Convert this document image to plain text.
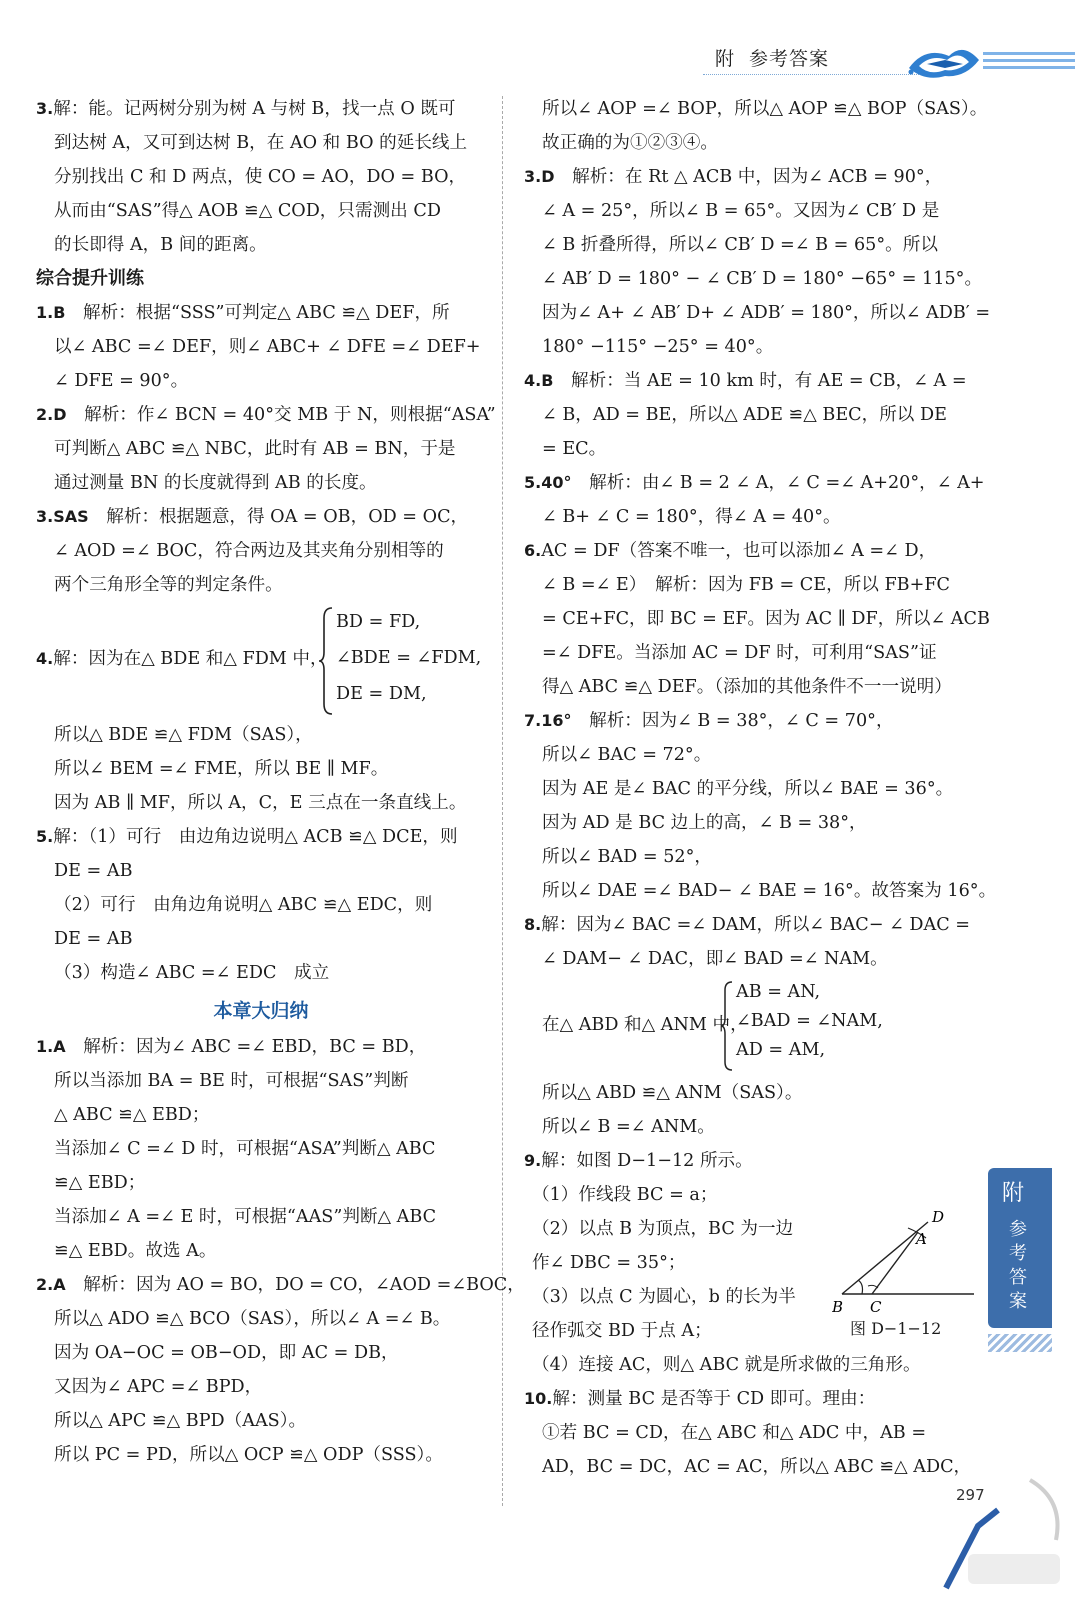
附 参考答案
3.解：能。记两树分别为树 A 与树 B，找一点 O 既可
到达树 A，又可到达树 B，在 AO 和 BO 的延长线上
分别找出 C 和 D 两点，使 CO = AO，DO = BO，
从而由“SAS”得△ AOB ≌△ COD，只需测出 CD
的长即得 A，B 间的距离。
综合提升训练
1.B　 解析：根据“SSS”可判定△ ABC ≌△ DEF，所
以∠ ABC =∠ DEF，则∠ ABC+ ∠ DFE =∠ DEF+
∠ DFE = 90°。
2.D　 解析：作∠ BCN = 40°交 MB 于 N，则根据“ASA”
可判断△ ABC ≌△ NBC，此时有 AB = BN，于是
通过测量 BN 的长度就得到 AB 的长度。
3.SAS　 解析：根据题意，得 OA = OB，OD = OC，
∠ AOD =∠ BOC，符合两边及其夹角分别相等的
两个三角形全等的判定条件。
4.解：因为在△ BDE 和△ FDM 中，
BD = FD,
∠BDE = ∠FDM,
DE = DM,
所以△ BDE ≌△ FDM（SAS），
所以∠ BEM =∠ FME，所以 BE ∥ MF。
因为 AB ∥ MF，所以 A，C，E 三点在一条直线上。
5.解：（1）可行　由边角边说明△ ACB ≌△ DCE，则
DE = AB
（2）可行　由角边角说明△ ABC ≌△ EDC，则
DE = AB
（3）构造∠ ABC =∠ EDC　成立
本章大归纳
1.A　 解析：因为∠ ABC =∠ EBD，BC = BD，
所以当添加 BA = BE 时，可根据“SAS”判断
△ ABC ≌△ EBD；
当添加∠ C =∠ D 时，可根据“ASA”判断△ ABC
≌△ EBD；
当添加∠ A =∠ E 时，可根据“AAS”判断△ ABC
≌△ EBD。故选 A。
2.A　 解析：因为 AO = BO，DO = CO，∠AOD =∠BOC，
所以△ ADO ≌△ BCO（SAS），所以∠ A =∠ B。
因为 OA−OC = OB−OD，即 AC = DB，
又因为∠ APC =∠ BPD，
所以△ APC ≌△ BPD（AAS）。
所以 PC = PD，所以△ OCP ≌△ ODP（SSS）。
所以∠ AOP =∠ BOP，所以△ AOP ≌△ BOP（SAS）。
故正确的为①②③④。
3.D　 解析：在 Rt △ ACB 中，因为∠ ACB = 90°，
∠ A = 25°，所以∠ B = 65°。又因为∠ CB′ D 是
∠ B 折叠所得，所以∠ CB′ D =∠ B = 65°。所以
∠ AB′ D = 180° − ∠ CB′ D = 180° −65° = 115°。
因为∠ A+ ∠ AB′ D+ ∠ ADB′ = 180°，所以∠ ADB′ =
180° −115° −25° = 40°。
4.B　 解析：当 AE = 10 km 时，有 AE = CB，∠ A =
∠ B，AD = BE，所以△ ADE ≌△ BEC，所以 DE
= EC。
5.40°　 解析：由∠ B = 2 ∠ A，∠ C =∠ A+20°，∠ A+
∠ B+ ∠ C = 180°，得∠ A = 40°。
6.AC = DF（答案不唯一，也可以添加∠ A =∠ D，
∠ B =∠ E）　解析：因为 FB = CE，所以 FB+FC
= CE+FC，即 BC = EF。因为 AC ∥ DF，所以∠ ACB
=∠ DFE。当添加 AC = DF 时，可利用“SAS”证
得△ ABC ≌△ DEF。（添加的其他条件不一一说明）
7.16°　 解析：因为∠ B = 38°，∠ C = 70°，
所以∠ BAC = 72°。
因为 AE 是∠ BAC 的平分线，所以∠ BAE = 36°。
因为 AD 是 BC 边上的高，∠ B = 38°，
所以∠ BAD = 52°，
所以∠ DAE =∠ BAD− ∠ BAE = 16°。故答案为 16°。
8.解：因为∠ BAC =∠ DAM，所以∠ BAC− ∠ DAC =
∠ DAM− ∠ DAC，即∠ BAD =∠ NAM。
在△ ABD 和△ ANM 中，
AB = AN,
∠BAD = ∠NAM,
AD = AM,
所以△ ABD ≌△ ANM（SAS）。
所以∠ B =∠ ANM。
9.解：如图 D−1−12 所示。
（1）作线段 BC = a；
（2）以点 B 为顶点，BC 为一边
作∠ DBC = 35°；
（3）以点 C 为圆心，b 的长为半
径作弧交 BD 于点 A；
（4）连接 AC，则△ ABC 就是所求做的三角形。
10.解：测量 BC 是否等于 CD 即可。理由：
①若 BC = CD，在△ ABC 和△ ADC 中，AB =
AD，BC = DC，AC = AC，所以△ ABC ≌△ ADC，
D
A
B C
图 D−1−12
附
参
考
答
案
297
